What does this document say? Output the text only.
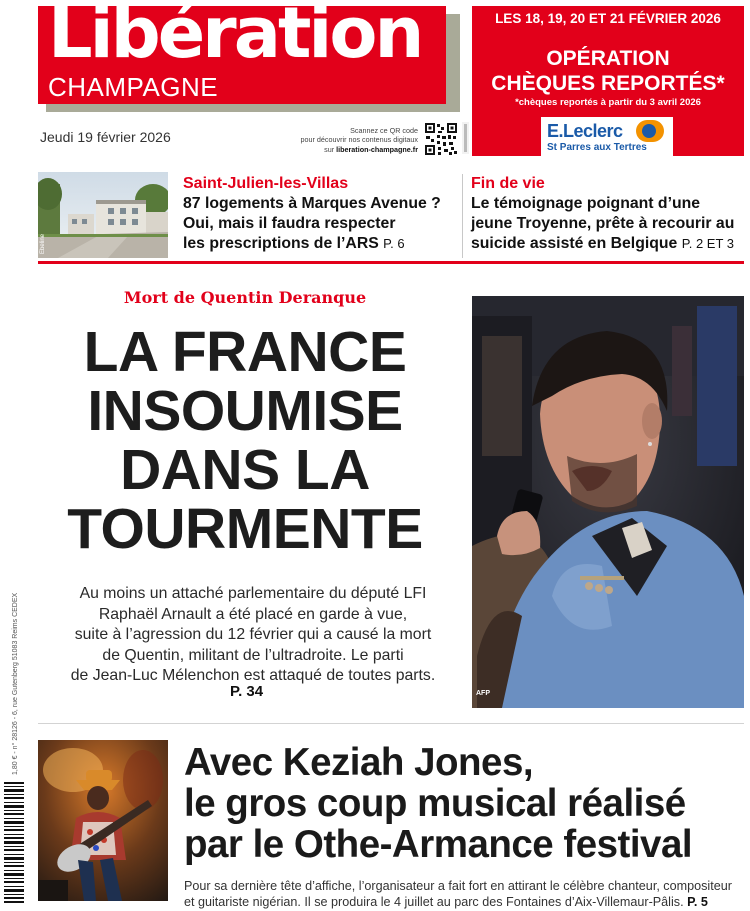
Libération
CHAMPAGNE
Jeudi 19 février 2026	Scannez ce QR code
pour découvrir nos contenus digitaux
sur liberation-champagne.fr
LES 18, 19, 20 ET 21 FÉVRIER 2026
OPÉRATION
CHÈQUES REPORTÉS*
*chèques reportés à partir du 3 avril 2026
E.Leclerc
St Parres aux Tertres
Ebeline
Saint-Julien-les-Villas
87 logements à Marques Avenue ?
Oui, mais il faudra respecter
les prescriptions de l’ARS P. 6
Fin de vie
Le témoignage poignant d’une
jeune Troyenne, prête à recourir au
suicide assisté en Belgique P. 2 ET 3
Mort de Quentin Deranque
LA FRANCE
INSOUMISE
DANS LA
TOURMENTE
Au moins un attaché parlementaire du député LFI
Raphaël Arnault a été placé en garde à vue,
suite à l’agression du 12 février qui a causé la mort
de Quentin, militant de l’ultradroite. Le parti
de Jean-Luc Mélenchon est attaqué de toutes parts.
P. 34	AFP
Avec Keziah Jones,
le gros coup musical réalisé
par le Othe-Armance festival
Pour sa dernière tête d’affiche, l’organisateur a fait fort en attirant le célèbre chanteur, compositeur
et guitariste nigérian. Il se produira le 4 juillet au parc des Fontaines d’Aix-Villemaur-Pâlis. P. 5
1,80 € - n° 28126 - 6, rue Gutenberg 51083 Reims CEDEX
